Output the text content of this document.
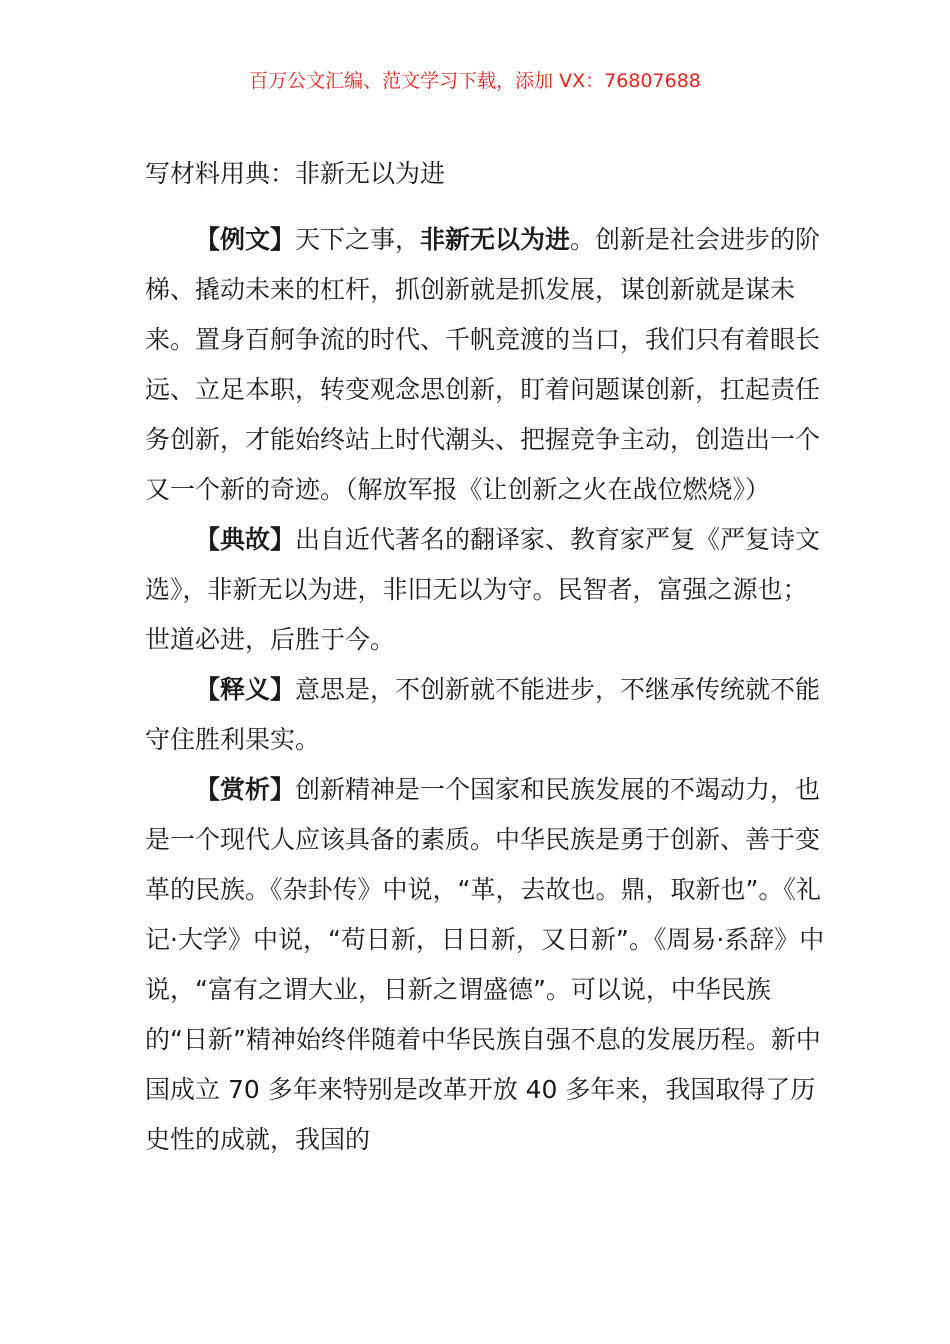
百万公文汇编、范文学习下载，添加 VX：76807688
写材料用典：非新无以为进

【例文】天下之事，非新无以为进。创新是社会进步的阶梯、撬动未来的杠杆，抓创新就是抓发展，谋创新就是谋未来。置身百舸争流的时代、千帆竞渡的当口，我们只有着眼长远、立足本职，转变观念思创新，盯着问题谋创新，扛起责任务创新，才能始终站上时代潮头、把握竞争主动，创造出一个又一个新的奇迹。（解放军报《让创新之火在战位燃烧》）

【典故】出自近代著名的翻译家、教育家严复《严复诗文选》，非新无以为进，非旧无以为守。民智者，富强之源也；世道必进，后胜于今。

【释义】意思是，不创新就不能进步，不继承传统就不能守住胜利果实。

【赏析】创新精神是一个国家和民族发展的不竭动力，也是一个现代人应该具备的素质。中华民族是勇于创新、善于变革的民族。《杂卦传》中说，“革，去故也。鼎，取新也”。《礼记·大学》中说，“苟日新，日日新，又日新”。《周易·系辞》中说，“富有之谓大业，日新之谓盛德”。可以说，中华民族的“日新”精神始终伴随着中华民族自强不息的发展历程。新中国成立 70 多年来特别是改革开放 40 多年来，我国取得了历史性的成就，我国的
